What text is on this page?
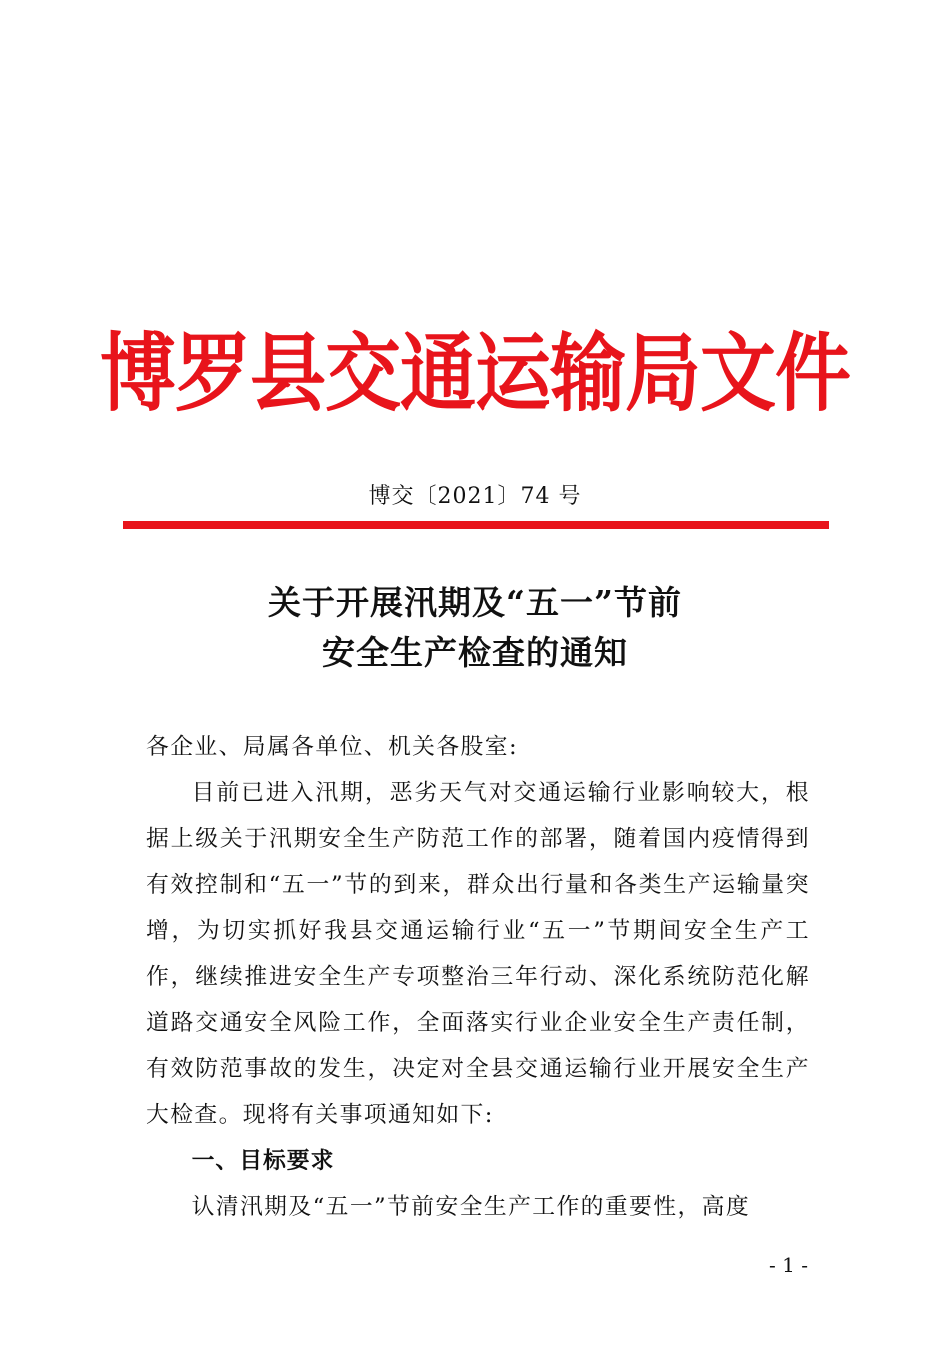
博罗县交通运输局文件
博交〔2021〕74 号
关于开展汛期及“五一”节前
安全生产检查的通知
各企业、局属各单位、机关各股室:

目前已进入汛期，恶劣天气对交通运输行业影响较大，根据上级关于汛期安全生产防范工作的部署，随着国内疫情得到有效控制和“五一”节的到来，群众出行量和各类生产运输量突增，为切实抓好我县交通运输行业“五一”节期间安全生产工作，继续推进安全生产专项整治三年行动、深化系统防范化解道路交通安全风险工作，全面落实行业企业安全生产责任制，有效防范事故的发生，决定对全县交通运输行业开展安全生产大检查。现将有关事项通知如下:

一、目标要求

认清汛期及“五一”节前安全生产工作的重要性，高度

- 1 -
